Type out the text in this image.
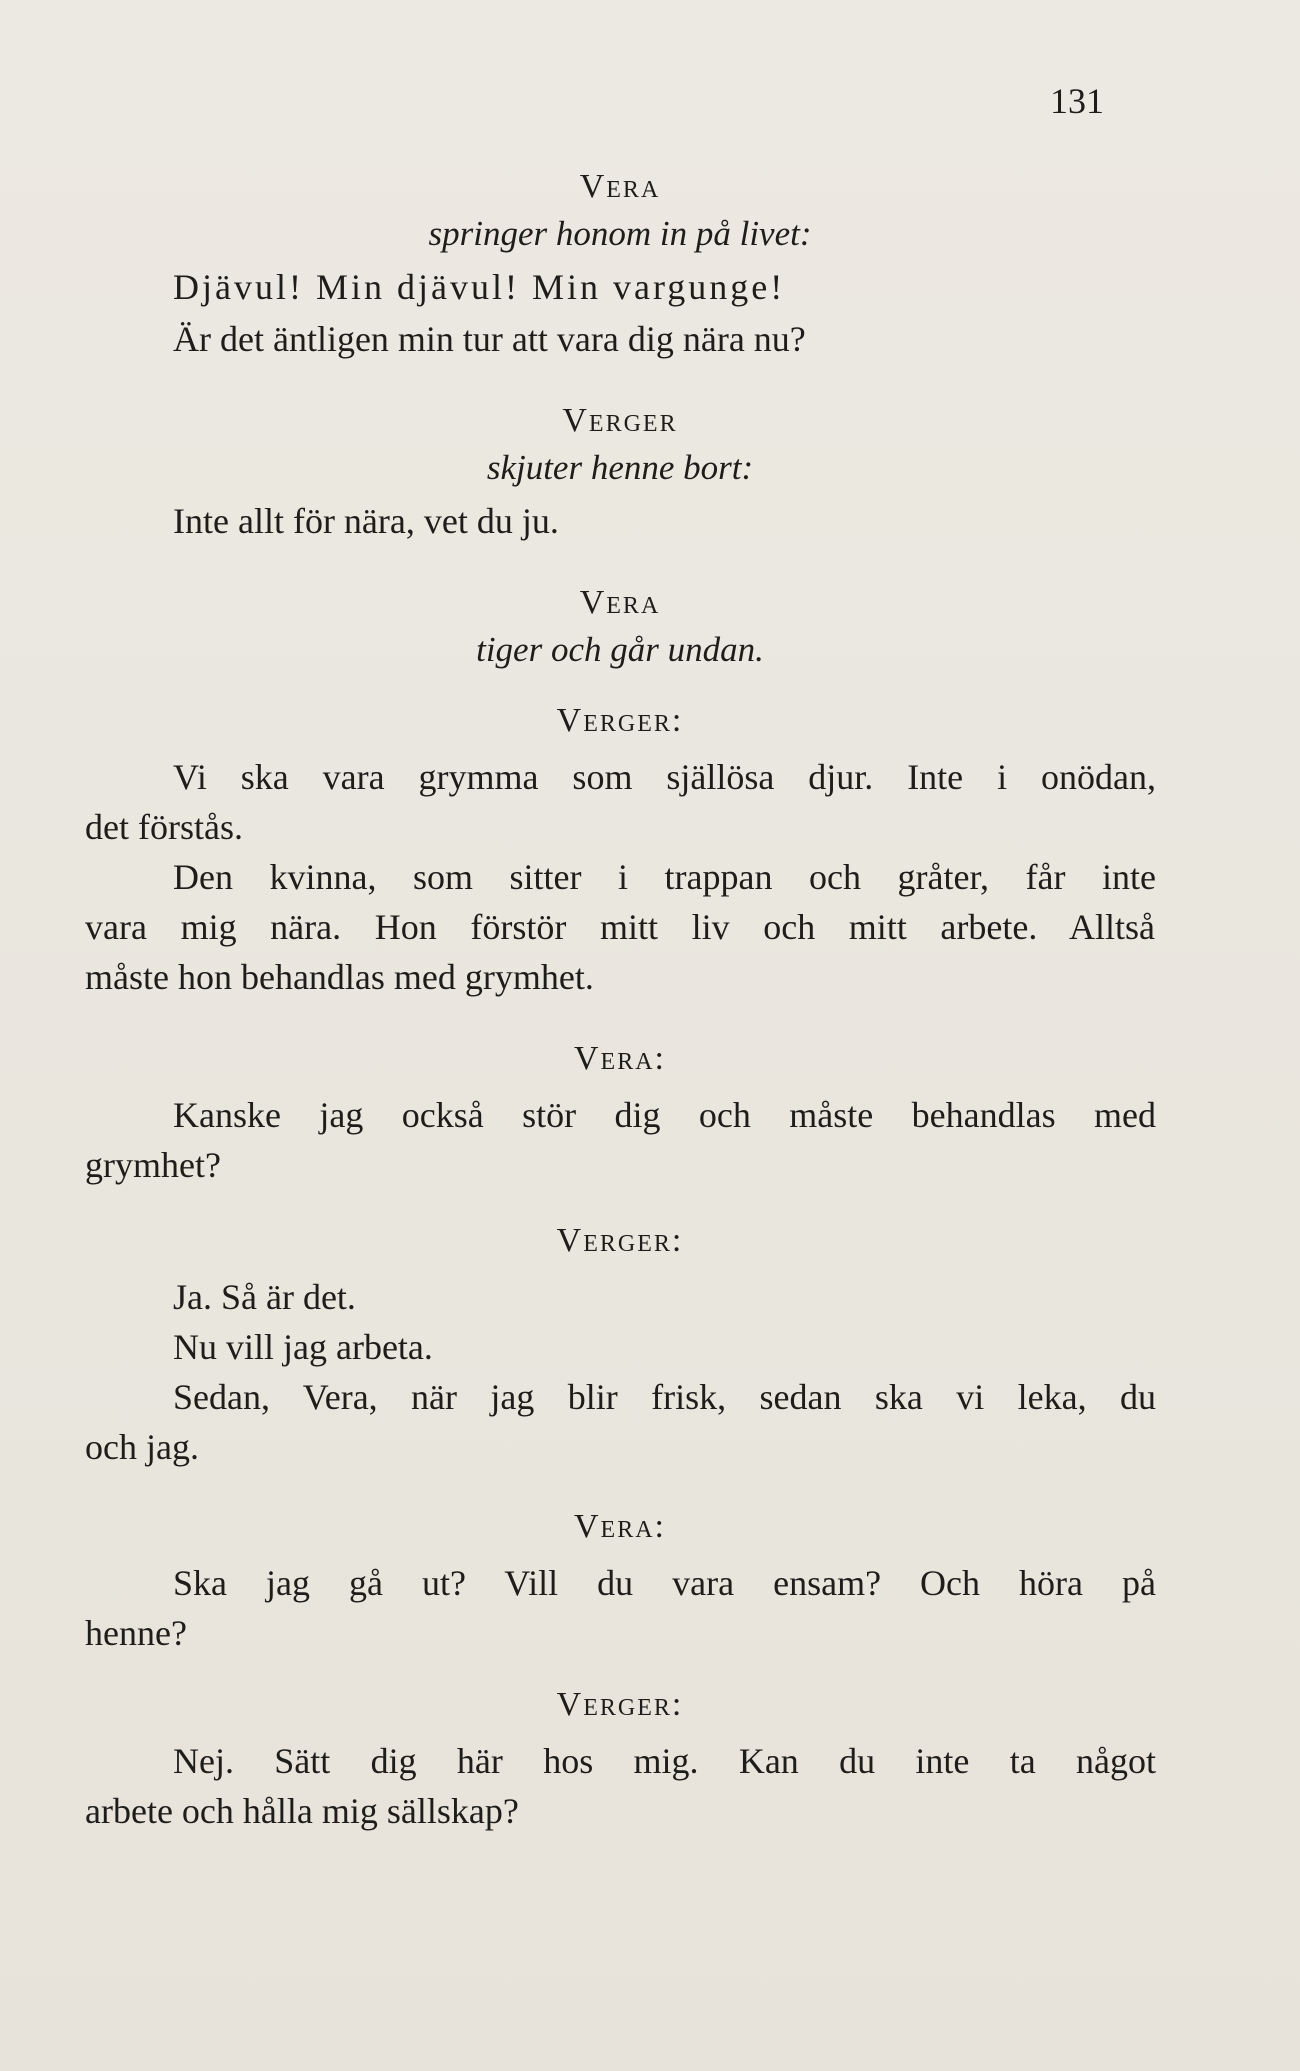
131
Vera
springer honom in på livet:
Djävul! Min djävul! Min vargunge!
Är det äntligen min tur att vara dig nära nu?
Verger
skjuter henne bort:
Inte allt för nära, vet du ju.
Vera
tiger och går undan.
Verger:
Vi ska vara grymma som själlösa djur. Inte i onödan,
det förstås.
Den kvinna, som sitter i trappan och gråter, får inte
vara mig nära. Hon förstör mitt liv och mitt arbete. Alltså
måste hon behandlas med grymhet.
Vera:
Kanske jag också stör dig och måste behandlas med
grymhet?
Verger:
Ja. Så är det.
Nu vill jag arbeta.
Sedan, Vera, när jag blir frisk, sedan ska vi leka, du
och jag.
Vera:
Ska jag gå ut? Vill du vara ensam? Och höra på
henne?
Verger:
Nej. Sätt dig här hos mig. Kan du inte ta något
arbete och hålla mig sällskap?
